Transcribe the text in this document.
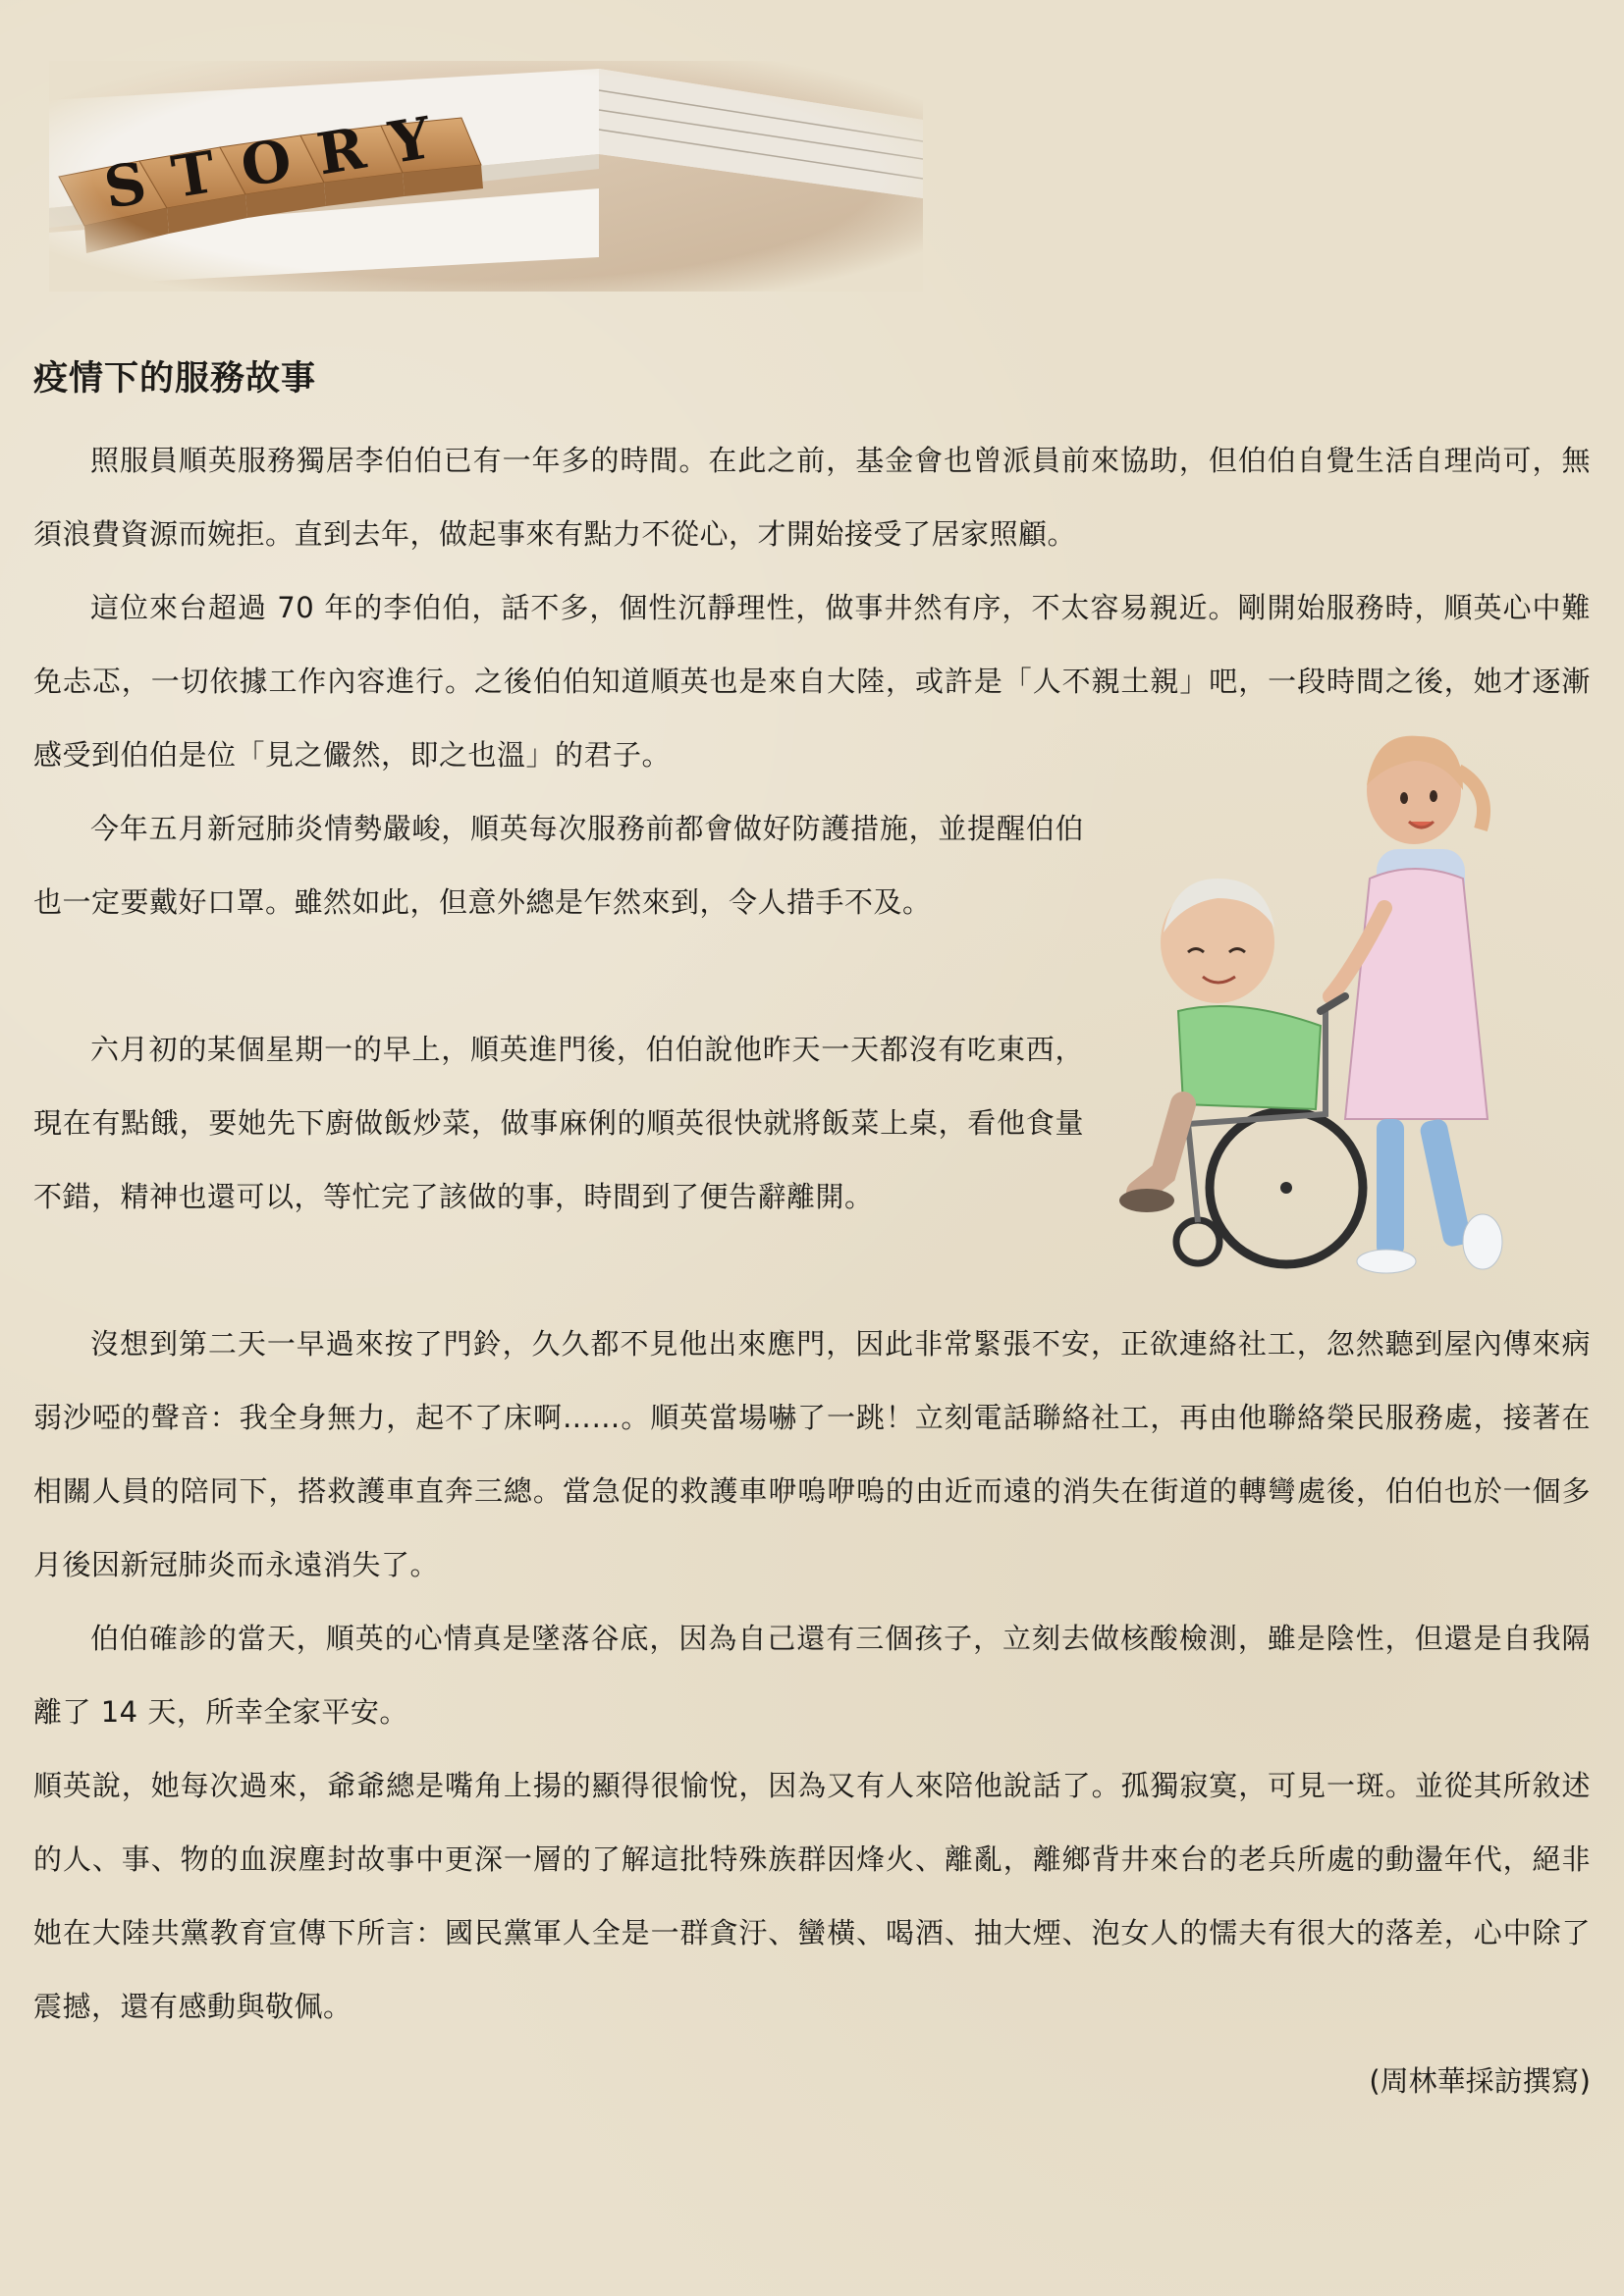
疫情下的服務故事

照服員順英服務獨居李伯伯已有一年多的時間。在此之前，基金會也曾派員前來協助，但伯伯自覺生活自理尚可，無須浪費資源而婉拒。直到去年，做起事來有點力不從心，才開始接受了居家照顧。

這位來台超過 70 年的李伯伯，話不多，個性沉靜理性，做事井然有序，不太容易親近。剛開始服務時，順英心中難免忐忑，一切依據工作內容進行。之後伯伯知道順英也是來自大陸，或許是「人不親土親」吧，一段時間之後，她才逐漸感受到伯伯是位「見之儼然，即之也溫」的君子。

今年五月新冠肺炎情勢嚴峻，順英每次服務前都會做好防護措施，並提醒伯伯也一定要戴好口罩。雖然如此，但意外總是乍然來到，令人措手不及。

六月初的某個星期一的早上，順英進門後，伯伯說他昨天一天都沒有吃東西，現在有點餓，要她先下廚做飯炒菜，做事麻俐的順英很快就將飯菜上桌，看他食量不錯，精神也還可以，等忙完了該做的事，時間到了便告辭離開。

沒想到第二天一早過來按了門鈴，久久都不見他出來應門，因此非常緊張不安，正欲連絡社工，忽然聽到屋內傳來病弱沙啞的聲音：我全身無力，起不了床啊……。順英當場嚇了一跳！立刻電話聯絡社工，再由他聯絡榮民服務處，接著在相關人員的陪同下，搭救護車直奔三總。當急促的救護車咿嗚咿嗚的由近而遠的消失在街道的轉彎處後，伯伯也於一個多月後因新冠肺炎而永遠消失了。

伯伯確診的當天，順英的心情真是墜落谷底，因為自己還有三個孩子，立刻去做核酸檢測，雖是陰性，但還是自我隔離了 14 天，所幸全家平安。

順英說，她每次過來，爺爺總是嘴角上揚的顯得很愉悅，因為又有人來陪他說話了。孤獨寂寞，可見一斑。並從其所敘述的人、事、物的血淚塵封故事中更深一層的了解這批特殊族群因烽火、離亂，離鄉背井來台的老兵所處的動盪年代，絕非她在大陸共黨教育宣傳下所言：國民黨軍人全是一群貪汙、蠻橫、喝酒、抽大煙、泡女人的懦夫有很大的落差，心中除了震撼，還有感動與敬佩。

(周林華採訪撰寫)
